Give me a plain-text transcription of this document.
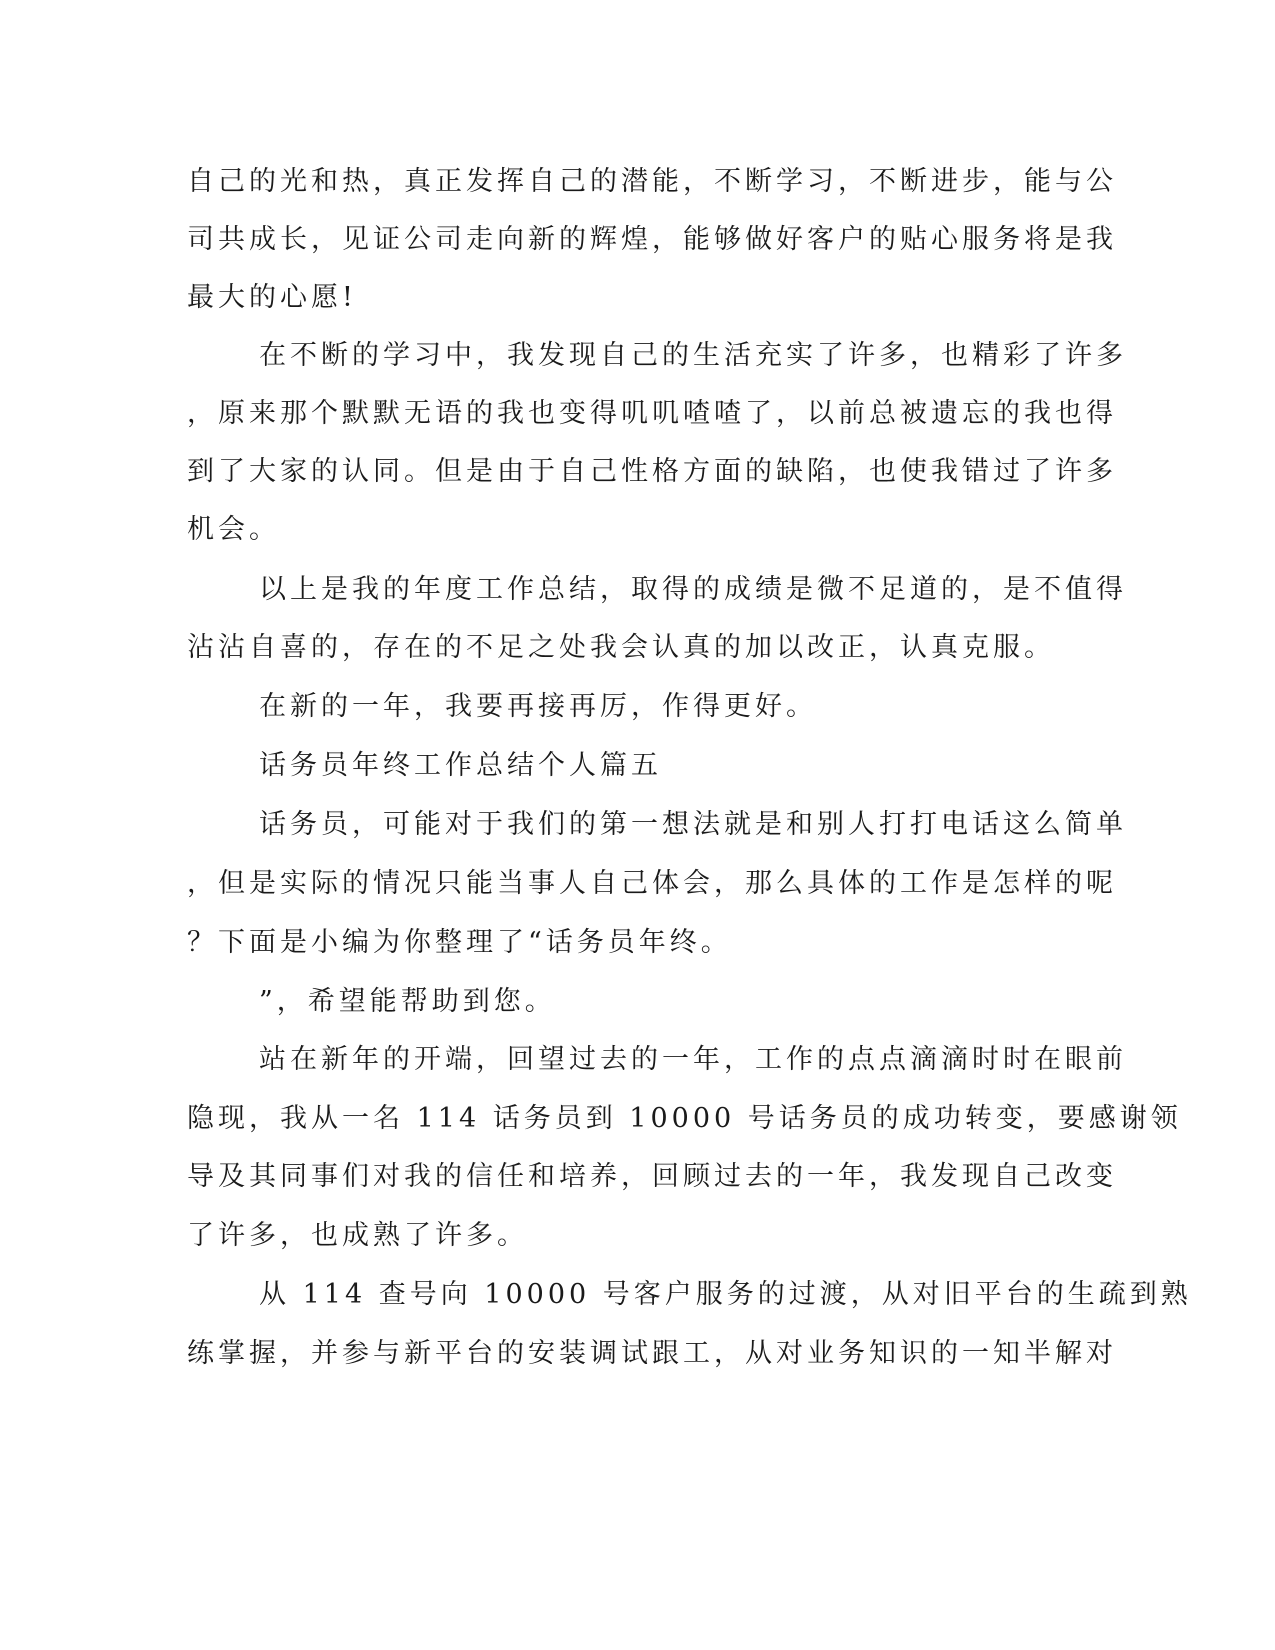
自己的光和热，真正发挥自己的潜能，不断学习，不断进步，能与公
司共成长，见证公司走向新的辉煌，能够做好客户的贴心服务将是我
最大的心愿!
在不断的学习中，我发现自己的生活充实了许多，也精彩了许多
，原来那个默默无语的我也变得叽叽喳喳了，以前总被遗忘的我也得
到了大家的认同。但是由于自己性格方面的缺陷，也使我错过了许多
机会。
以上是我的年度工作总结，取得的成绩是微不足道的，是不值得
沾沾自喜的，存在的不足之处我会认真的加以改正，认真克服。
在新的一年，我要再接再厉，作得更好。
话务员年终工作总结个人篇五
话务员，可能对于我们的第一想法就是和别人打打电话这么简单
，但是实际的情况只能当事人自己体会，那么具体的工作是怎样的呢
？下面是小编为你整理了“话务员年终。
”，希望能帮助到您。
站在新年的开端，回望过去的一年，工作的点点滴滴时时在眼前
隐现，我从一名 114 话务员到 10000 号话务员的成功转变，要感谢领
导及其同事们对我的信任和培养，回顾过去的一年，我发现自己改变
了许多，也成熟了许多。
从 114 查号向 10000 号客户服务的过渡，从对旧平台的生疏到熟
练掌握，并参与新平台的安装调试跟工，从对业务知识的一知半解对
